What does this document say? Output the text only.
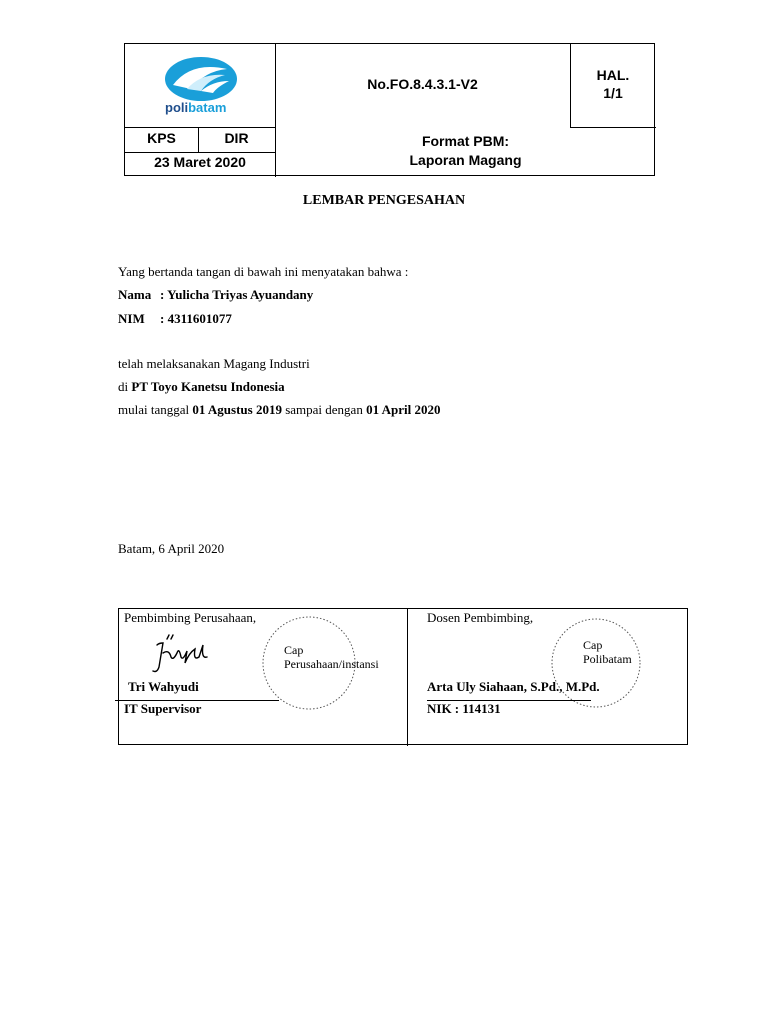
polibatam
No.FO.8.4.3.1-V2
HAL.
1/1
KPS	DIR
23 Maret 2020
Format PBM:
Laporan Magang
LEMBAR PENGESAHAN
Yang bertanda tangan di bawah ini menyatakan bahwa :
Nama : Yulicha Triyas Ayuandany
NIM : 4311601077
telah melaksanakan Magang Industri
di PT Toyo Kanetsu Indonesia
mulai tanggal 01 Agustus 2019 sampai dengan 01 April 2020
Batam, 6 April 2020
Pembimbing Perusahaan,
Cap
Perusahaan/instansi
Tri Wahyudi
IT Supervisor
Dosen Pembimbing,
Cap
Polibatam
Arta Uly Siahaan, S.Pd., M.Pd.
NIK : 114131
